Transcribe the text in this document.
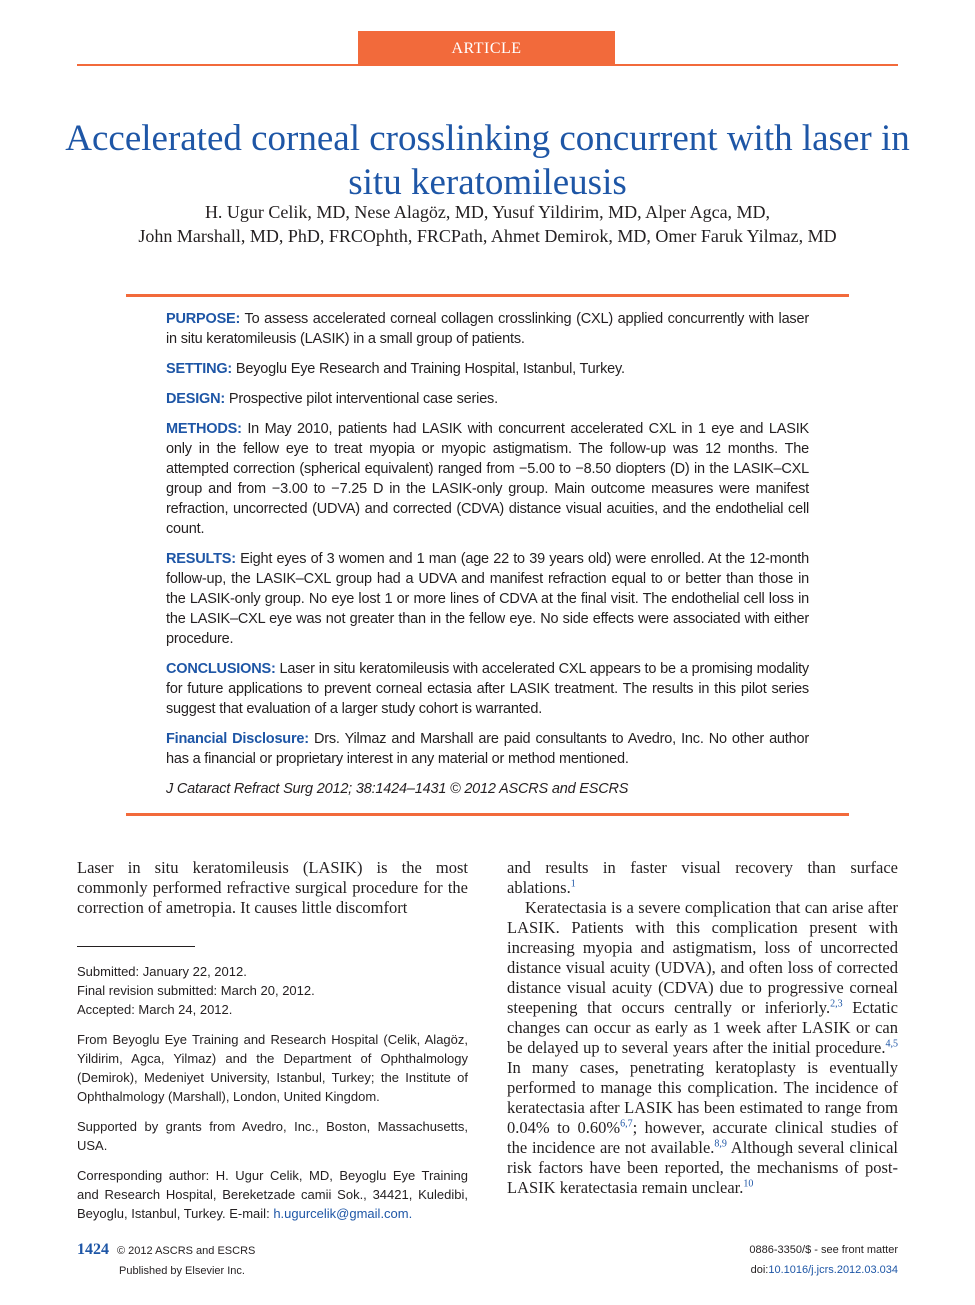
ARTICLE
Accelerated corneal crosslinking concurrent with laser in situ keratomileusis
H. Ugur Celik, MD, Nese Alagöz, MD, Yusuf Yildirim, MD, Alper Agca, MD,
John Marshall, MD, PhD, FRCOphth, FRCPath, Ahmet Demirok, MD, Omer Faruk Yilmaz, MD

PURPOSE: To assess accelerated corneal collagen crosslinking (CXL) applied concurrently with laser in situ keratomileusis (LASIK) in a small group of patients.

SETTING: Beyoglu Eye Research and Training Hospital, Istanbul, Turkey.

DESIGN: Prospective pilot interventional case series.

METHODS: In May 2010, patients had LASIK with concurrent accelerated CXL in 1 eye and LASIK only in the fellow eye to treat myopia or myopic astigmatism. The follow-up was 12 months. The attempted correction (spherical equivalent) ranged from −5.00 to −8.50 diopters (D) in the LASIK–CXL group and from −3.00 to −7.25 D in the LASIK-only group. Main outcome measures were manifest refraction, uncorrected (UDVA) and corrected (CDVA) distance visual acuities, and the endothelial cell count.

RESULTS: Eight eyes of 3 women and 1 man (age 22 to 39 years old) were enrolled. At the 12-month follow-up, the LASIK–CXL group had a UDVA and manifest refraction equal to or better than those in the LASIK-only group. No eye lost 1 or more lines of CDVA at the final visit. The endothelial cell loss in the LASIK–CXL eye was not greater than in the fellow eye. No side effects were associated with either procedure.

CONCLUSIONS: Laser in situ keratomileusis with accelerated CXL appears to be a promising modality for future applications to prevent corneal ectasia after LASIK treatment. The results in this pilot series suggest that evaluation of a larger study cohort is warranted.

Financial Disclosure: Drs. Yilmaz and Marshall are paid consultants to Avedro, Inc. No other author has a financial or proprietary interest in any material or method mentioned.

J Cataract Refract Surg 2012; 38:1424–1431 © 2012 ASCRS and ESCRS

Laser in situ keratomileusis (LASIK) is the most commonly performed refractive surgical procedure for the correction of ametropia. It causes little discomfort

Submitted: January 22, 2012.
Final revision submitted: March 20, 2012.
Accepted: March 24, 2012.

From Beyoglu Eye Training and Research Hospital (Celik, Alagöz, Yildirim, Agca, Yilmaz) and the Department of Ophthalmology (Demirok), Medeniyet University, Istanbul, Turkey; the Institute of Ophthalmology (Marshall), London, United Kingdom.

Supported by grants from Avedro, Inc., Boston, Massachusetts, USA.

Corresponding author: H. Ugur Celik, MD, Beyoglu Eye Training and Research Hospital, Bereketzade camii Sok., 34421, Kuledibi, Beyoglu, Istanbul, Turkey. E-mail: h.ugurcelik@gmail.com.

and results in faster visual recovery than surface ablations.$^1$

Keratectasia is a severe complication that can arise after LASIK. Patients with this complication present with increasing myopia and astigmatism, loss of uncorrected distance visual acuity (UDVA), and often loss of corrected distance visual acuity (CDVA) due to progressive corneal steepening that occurs centrally or inferiorly.$^{2,3}$ Ectatic changes can occur as early as 1 week after LASIK or can be delayed up to several years after the initial procedure.$^{4,5}$ In many cases, penetrating keratoplasty is eventually performed to manage this complication. The incidence of keratectasia after LASIK has been estimated to range from 0.04% to 0.60%$^{6,7}$; however, accurate clinical studies of the incidence are not available.$^{8,9}$ Although several clinical risk factors have been reported, the mechanisms of post-LASIK keratectasia remain unclear.$^{10}$

1424 © 2012 ASCRS and ESCRS
Published by Elsevier Inc.
0886-3350/$ - see front matter
doi:10.1016/j.jcrs.2012.03.034
